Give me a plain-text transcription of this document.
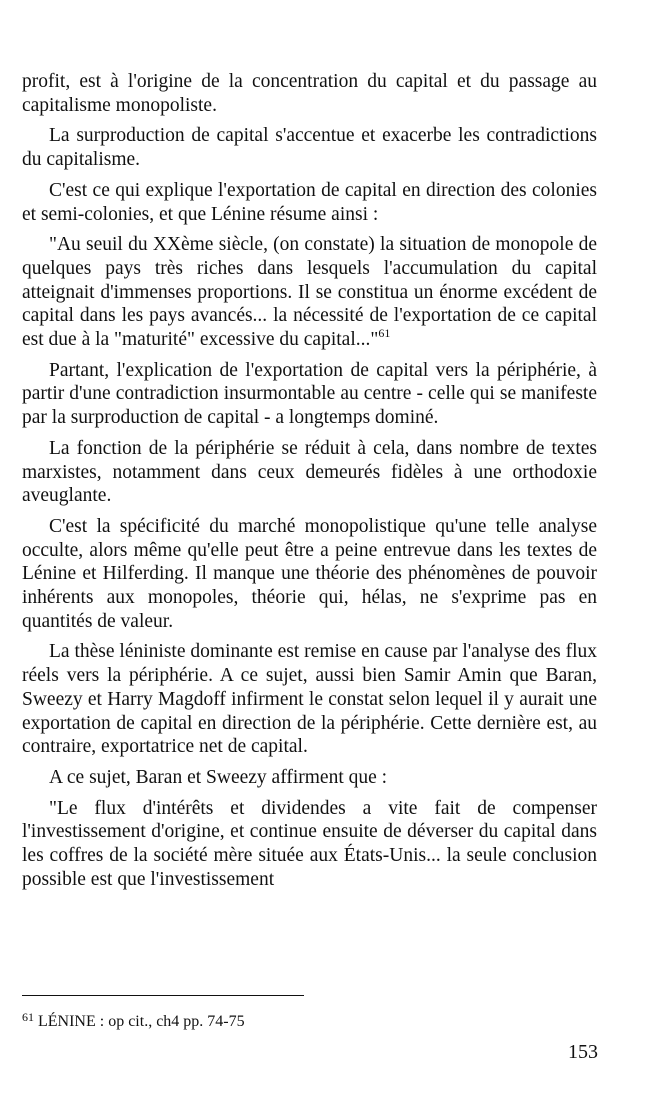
profit, est à l'origine de la concentration du capital et du passage au capitalisme monopoliste.

La surproduction de capital s'accentue et exacerbe les contradictions du capitalisme.

C'est ce qui explique l'exportation de capital en direction des colonies et semi-colonies, et que Lénine résume ainsi :

"Au seuil du XXème siècle, (on constate) la situation de monopole de quelques pays très riches dans lesquels l'accumulation du capital atteignait d'immenses proportions. Il se constitua un énorme excédent de capital dans les pays avancés... la nécessité de l'exportation de ce capital est due à la "maturité" excessive du capital..."$^{61}$

Partant, l'explication de l'exportation de capital vers la périphérie, à partir d'une contradiction insurmontable au centre - celle qui se manifeste par la surproduction de capital - a longtemps dominé.

La fonction de la périphérie se réduit à cela, dans nombre de textes marxistes, notamment dans ceux demeurés fidèles à une orthodoxie aveuglante.

C'est la spécificité du marché monopolistique qu'une telle analyse occulte, alors même qu'elle peut être a peine entrevue dans les textes de Lénine et Hilferding. Il manque une théorie des phénomènes de pouvoir inhérents aux monopoles, théorie qui, hélas, ne s'exprime pas en quantités de valeur.

La thèse léniniste dominante est remise en cause par l'analyse des flux réels vers la périphérie. A ce sujet, aussi bien Samir Amin que Baran, Sweezy et Harry Magdoff infirment le constat selon lequel il y aurait une exportation de capital en direction de la périphérie. Cette dernière est, au contraire, exportatrice net de capital.

A ce sujet, Baran et Sweezy affirment que :

"Le flux d'intérêts et dividendes a vite fait de compenser l'investissement d'origine, et continue ensuite de déverser du capital dans les coffres de la société mère située aux États-Unis... la seule conclusion possible est que l'investissement

$^{61}$ LÉNINE : op cit., ch4 pp. 74-75
153
